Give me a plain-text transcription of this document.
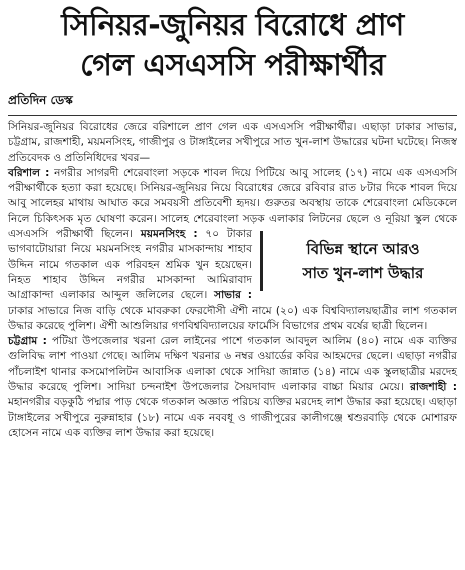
সিনিয়র-জুনিয়র বিরোধে প্রাণ
গেল এসএসসি পরীক্ষার্থীর
প্রতিদিন ডেস্ক

সিনিয়র-জুনিয়র বিরোধের জেরে বরিশালে প্রাণ গেল এক এসএসসি পরীক্ষার্থীর। এছাড়া ঢাকার সাভার, চট্টগ্রাম, রাজশাহী, ময়মনসিংহ, গাজীপুর ও টাঙ্গাইলের সখীপুরে সাত খুন-লাশ উদ্ধারের ঘটনা ঘটেছে। নিজস্ব প্রতিবেদক ও প্রতিনিধিদের খবর—

বরিশাল : নগরীর সাগরদী শেরেবাংলা সড়কে শাবল দিয়ে পিটিয়ে আবু সালেহ (১৭) নামে এক এসএসসি পরীক্ষার্থীকে হত্যা করা হয়েছে। সিনিয়র-জুনিয়র নিয়ে বিরোধের জেরে রবিবার রাত ৮টার দিকে শাবল দিয়ে আবু সালেহর মাথায় আঘাত করে সমবয়সী প্রতিবেশী হৃদয়। গুরুতর অবস্থায় তাকে শেরেবাংলা মেডিকেলে নিলে চিকিৎসক মৃত ঘোষণা করেন। সালেহ শেরেবাংলা সড়ক এলাকার লিটনের ছেলে ও নূরিয়া স্কুল থেকে এসএসসি পরীক্ষার্থী ছিলেন। ময়মনসিংহ :
বিভিন্ন স্থানে আরও
সাত খুন-লাশ উদ্ধার
৭০ টাকার ভাগবাটোয়ারা নিয়ে ময়মনসিংহ নগরীর মাসকান্দায় শাহাব উদ্দিন নামে গতকাল এক পরিবহন শ্রমিক খুন হয়েছেন। নিহত শাহাব উদ্দিন নগরীর মাসকান্দা আমিরাবাদ আগ্রাকান্দা এলাকার আব্দুল জলিলের ছেলে। সাভার : ঢাকার সাভারে নিজ বাড়ি থেকে মাবরুকা ফেরদৌসী ঐশী নামে (২০) এক বিশ্ববিদ্যালয়ছাত্রীর লাশ গতকাল উদ্ধার করেছে পুলিশ। ঐশী আশুলিয়ার গণবিশ্ববিদ্যালয়ের ফার্মেসি বিভাগের প্রথম বর্ষের ছাত্রী ছিলেন।

চট্টগ্রাম : পটিয়া উপজেলার খরনা রেল লাইনের পাশে গতকাল আবদুল আলিম (৪০) নামে এক ব্যক্তির গুলিবিদ্ধ লাশ পাওয়া গেছে। আলিম দক্ষিণ খরনার ৬ নম্বর ওয়ার্ডের কবির আহমদের ছেলে। এছাড়া নগরীর পাঁচলাইশ থানার কসমোপলিটন আবাসিক এলাকা থেকে সাদিয়া জান্নাত (১৪) নামে এক স্কুলছাত্রীর মরদেহ উদ্ধার করেছে পুলিশ। সাদিয়া চন্দনাইশ উপজেলার সৈয়দাবাদ এলাকার বাচ্চা মিয়ার মেয়ে। রাজশাহী : মহানগরীর বড়কুঠি পদ্মার পাড় থেকে গতকাল অজ্ঞাত পরিচয় ব্যক্তির মরদেহ লাশ উদ্ধার করা হয়েছে। এছাড়া টাঙ্গাইলের সখীপুরে নুরুন্নাহার (১৮) নামে এক নববধূ ও গাজীপুরের কালীগঞ্জে শ্বশুরবাড়ি থেকে মোশারফ হোসেন নামে এক ব্যক্তির লাশ উদ্ধার করা হয়েছে।
